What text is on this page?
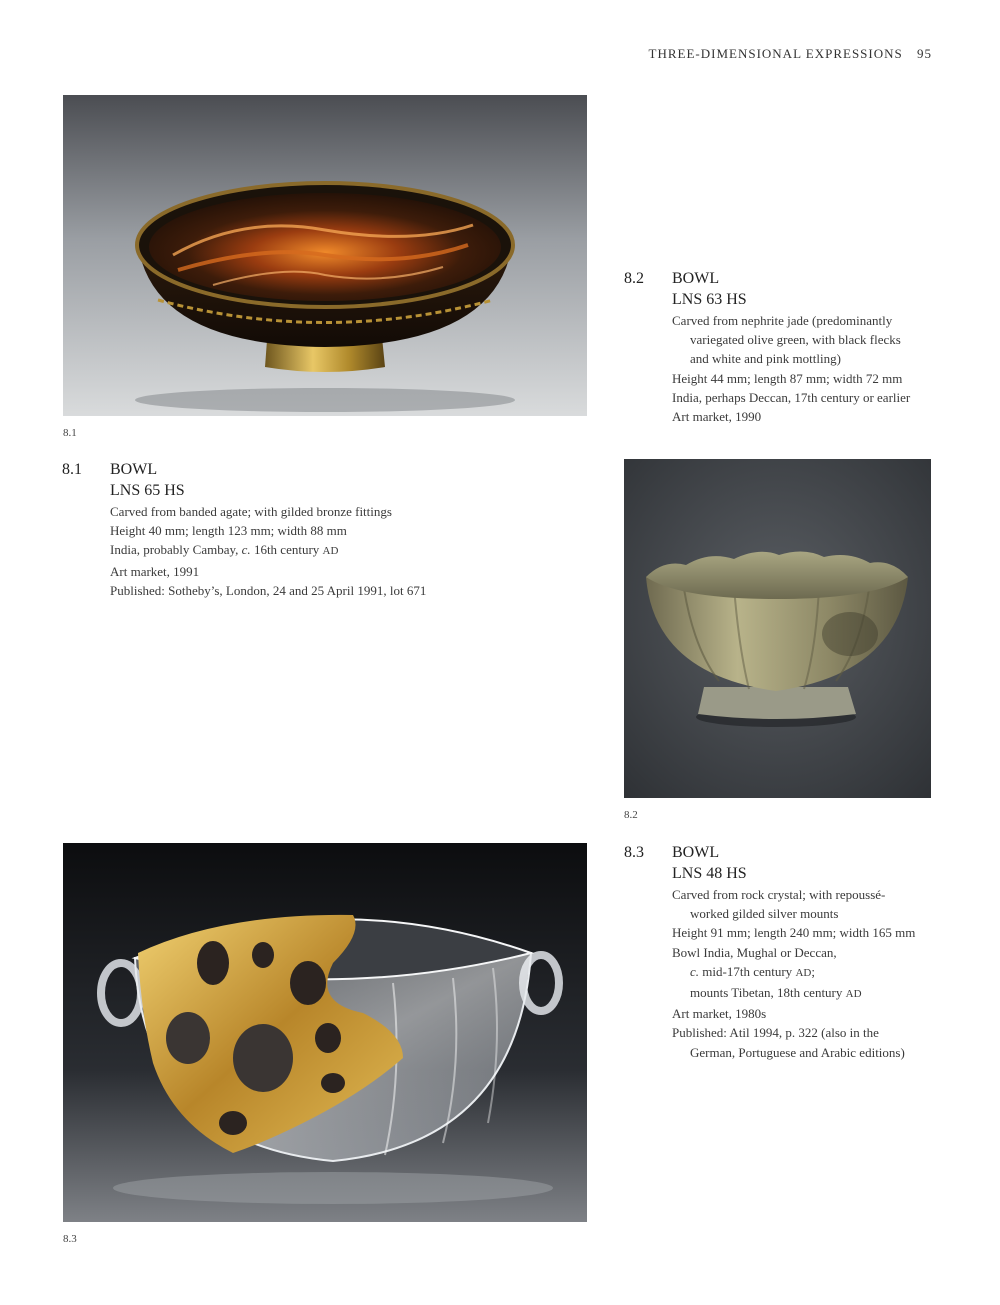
THREE-DIMENSIONAL EXPRESSIONS 95
8.1
8.1 BOWL
LNS 65 HS

Carved from banded agate; with gilded bronze fittings

Height 40 mm; length 123 mm; width 88 mm

India, probably Cambay, c. 16th century AD

Art market, 1991

Published: Sotheby’s, London, 24 and 25 April 1991, lot 671

8.2 BOWL
LNS 63 HS

Carved from nephrite jade (predominantly

variegated olive green, with black flecks

and white and pink mottling)

Height 44 mm; length 87 mm; width 72 mm

India, perhaps Deccan, 17th century or earlier

Art market, 1990

8.2
8.3
8.3 BOWL
LNS 48 HS

Carved from rock crystal; with repoussé-

worked gilded silver mounts

Height 91 mm; length 240 mm; width 165 mm

Bowl India, Mughal or Deccan,

c. mid-17th century AD;

mounts Tibetan, 18th century AD

Art market, 1980s

Published: Atil 1994, p. 322 (also in the

German, Portuguese and Arabic editions)
